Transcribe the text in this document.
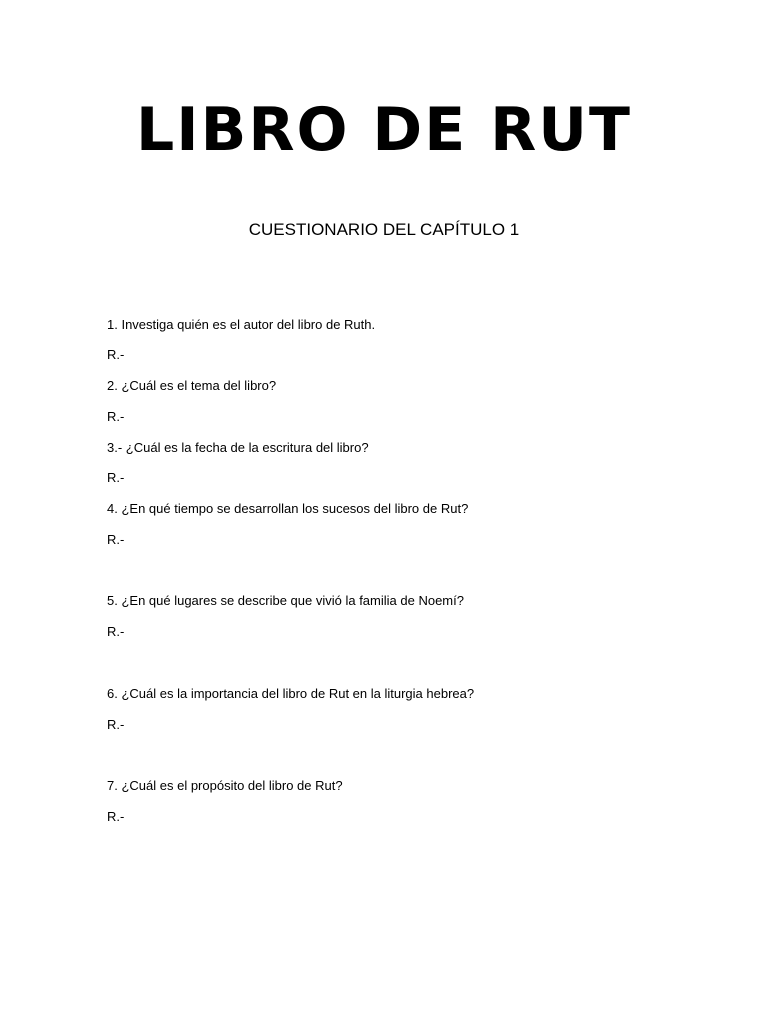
LIBRO DE RUT

CUESTIONARIO DEL CAPÍTULO 1

1. Investiga quién es el autor del libro de Ruth.

R.-

2. ¿Cuál es el tema del libro?

R.-

3.- ¿Cuál es la fecha de la escritura del libro?

R.-

4. ¿En qué tiempo se desarrollan los sucesos del libro de Rut?

R.-

5. ¿En qué lugares se describe que vivió la familia de Noemí?

R.-

6. ¿Cuál es la importancia del libro de Rut en la liturgia hebrea?

R.-

7. ¿Cuál es el propósito del libro de Rut?

R.-
